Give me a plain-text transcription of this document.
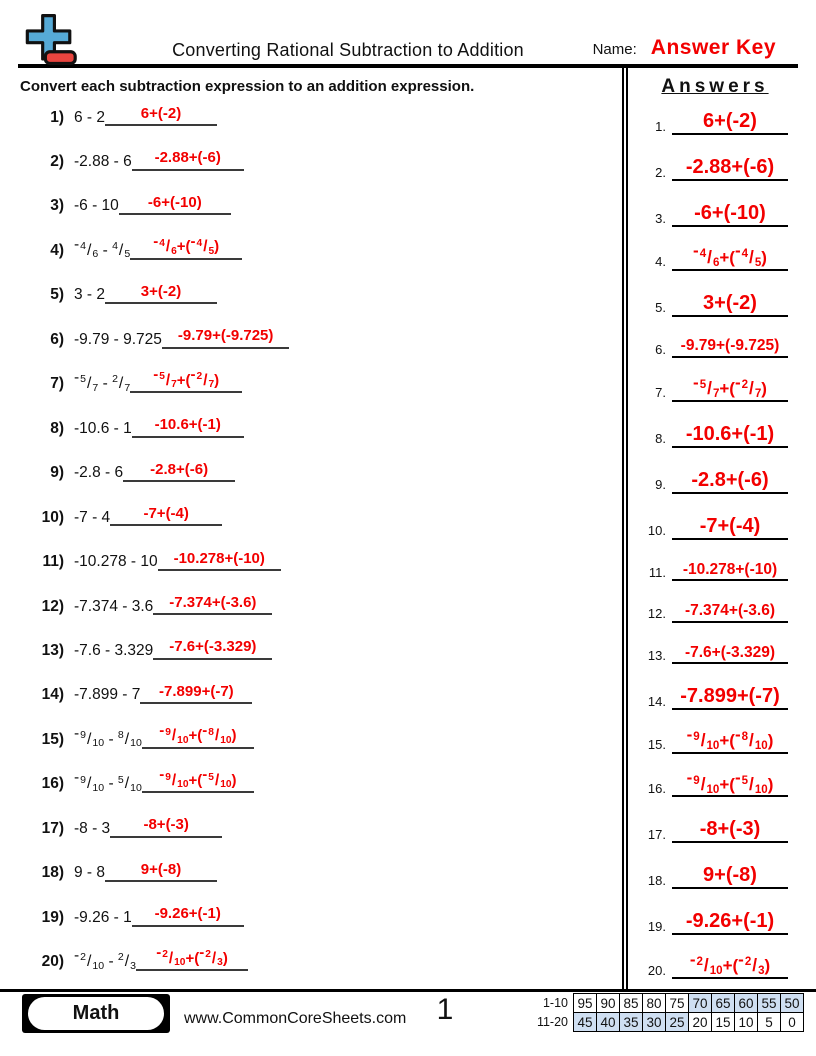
Converting Rational Subtraction to Addition	Name: Answer Key

Convert each subtraction expression to an addition expression.

1) 6 - 2	6+(-2)
2) -2.88 - 6	-2.88+(-6)
3) -6 - 10	-6+(-10)
4) -$^4$/6 - $^4$/5
-$^4$/6+(-$^4$/5)
5) 3 - 2	3+(-2)
6) -9.79 - 9.725	-9.79+(-9.725)
7) -$^5$/7 - $^2$/7
-$^5$/7+(-$^2$/7)
8) -10.6 - 1	-10.6+(-1)
9) -2.8 - 6	-2.8+(-6)
10) -7 - 4	-7+(-4)
11) -10.278 - 10	-10.278+(-10)
12) -7.374 - 3.6	-7.374+(-3.6)
13) -7.6 - 3.329	-7.6+(-3.329)
14) -7.899 - 7	-7.899+(-7)
15) -$^9$/10 - $^8$/10
-$^9$/10+(-$^8$/10)
16) -$^9$/10 - $^5$/10
-$^9$/10+(-$^5$/10)
17) -8 - 3	-8+(-3)
18) 9 - 8	9+(-8)
19) -9.26 - 1	-9.26+(-1)
20) -$^2$/10 - $^2$/3
-$^2$/10+(-$^2$/3)
Answers
1.	6+(-2)
2. -2.88+(-6)
3.	-6+(-10)
4.
-$^4$/6+(-$^4$/5)
5.	3+(-2)
6. -9.79+(-9.725)
7.
-$^5$/7+(-$^2$/7)
8. -10.6+(-1)
9.	-2.8+(-6)
10.	-7+(-4)
11.	-10.278+(-10)
12.	-7.374+(-3.6)
13.	-7.6+(-3.329)
14. -7.899+(-7)
15.
-$^9$/10+(-$^8$/10)
16.
-$^9$/10+(-$^5$/10)
17.	-8+(-3)
18.	9+(-8)
19. -9.26+(-1)
20.
-$^2$/10+(-$^2$/3)
Math	www.CommonCoreSheets.com	1	1-10	95	90	85	80	75	70	65	60	55	50
11-20	45	40	35	30	25	20	15	10	5	0
